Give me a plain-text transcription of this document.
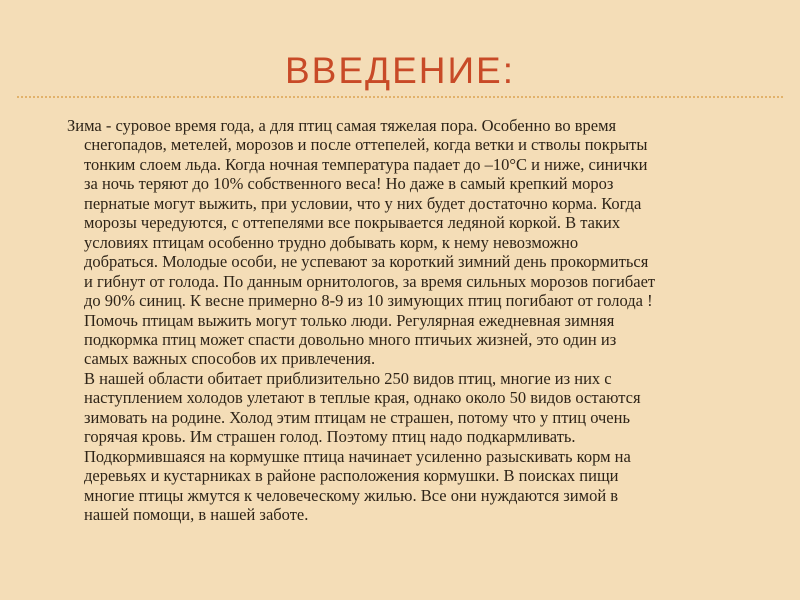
ВВЕДЕНИЕ:
Зима - суровое время года, а для птиц самая тяжелая пора. Особенно во время
снегопадов, метелей, морозов и после оттепелей, когда ветки и стволы покрыты
тонким слоем льда. Когда ночная температура падает до –10°С и ниже, синички
за ночь теряют до 10% собственного веса! Но даже в самый крепкий мороз
пернатые могут выжить, при условии, что у них будет достаточно корма. Когда
морозы чередуются, с оттепелями все покрывается ледяной коркой. В таких
условиях птицам особенно трудно добывать корм, к нему невозможно
добраться. Молодые особи, не успевают за короткий зимний день прокормиться
и гибнут от голода. По данным орнитологов, за время сильных морозов погибает
до 90% синиц. К весне примерно 8-9 из 10 зимующих птиц погибают от голода !
Помочь птицам выжить могут только люди. Регулярная ежедневная зимняя
подкормка птиц может спасти довольно много птичьих жизней, это один из
самых важных способов их привлечения.
В нашей области обитает приблизительно 250 видов птиц, многие из них с
наступлением холодов улетают в теплые края, однако около 50 видов остаются
зимовать на родине. Холод этим птицам не страшен, потому что у птиц очень
горячая кровь. Им страшен голод. Поэтому птиц надо подкармливать.
Подкормившаяся на кормушке птица начинает усиленно разыскивать корм на
деревьях и кустарниках в районе расположения кормушки. В поисках пищи
многие птицы жмутся к человеческому жилью. Все они нуждаются зимой в
нашей помощи, в нашей заботе.
